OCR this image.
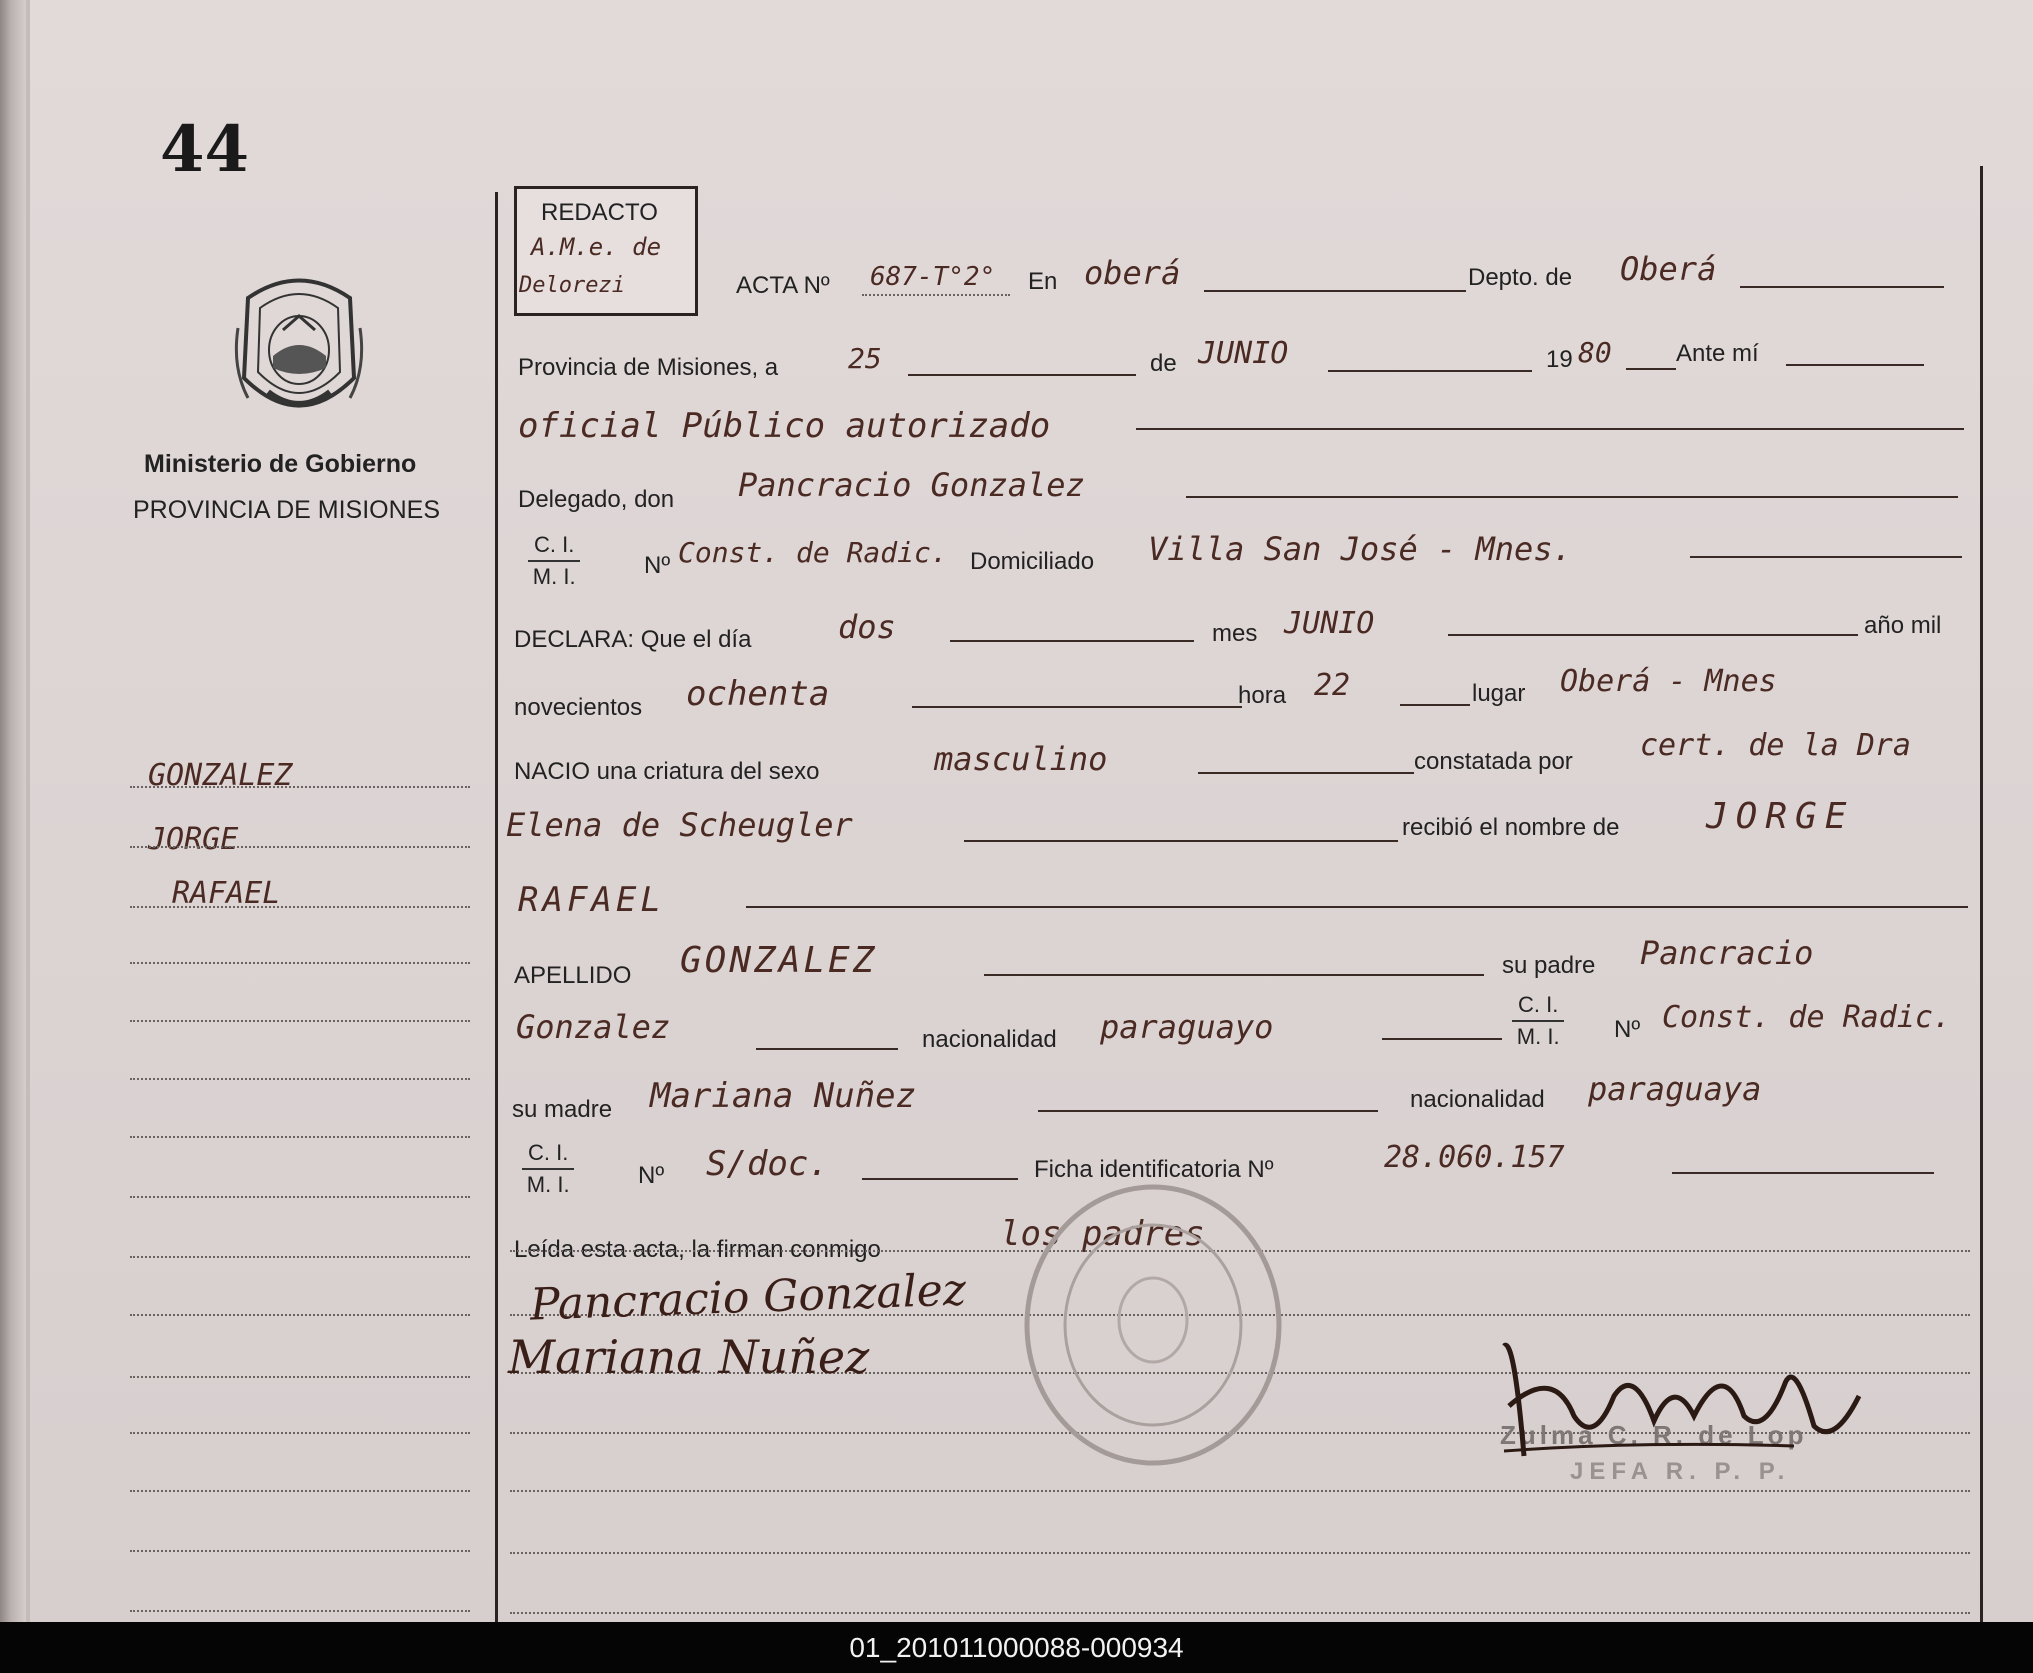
44
Ministerio de Gobierno
PROVINCIA DE MISIONES
GONZALEZ
JORGE
RAFAEL
REDACTO
A.M.e. de
Delorezi	ACTA Nº 687-T°2° En oberá	Depto. de Oberá
Provincia de Misiones, a 25	de JUNIO	19 80	Ante mí
oficial Público autorizado
Delegado, don Pancracio Gonzalez
$\frac{C. I.}{M. I.}$	Nº Const. de Radic. Domiciliado Villa San José - Mnes.
DECLARA: Que el día	dos	mes JUNIO	año mil
novecientos ochenta	hora 22	lugar Oberá - Mnes
NACIO una criatura del sexo	masculino	constatada por cert. de la Dra
Elena de Scheugler	recibió el nombre de JORGE
RAFAEL
APELLIDO GONZALEZ	su padre Pancracio
Gonzalez	nacionalidad paraguayo	$\frac{C. I.}{M. I.}$ Nº Const. de Radic.
su madre Mariana Nuñez	nacionalidad paraguaya
$\frac{C. I.}{M. I.}$	Nº S/doc.	Ficha identificatoria Nº	28.060.157
Leída esta acta, la firman conmigo	los padres
Pancracio Gonzalez
Mariana Nuñez
Zulma C. R. de Lop
JEFA R. P. P.
01_201011000088-000934
